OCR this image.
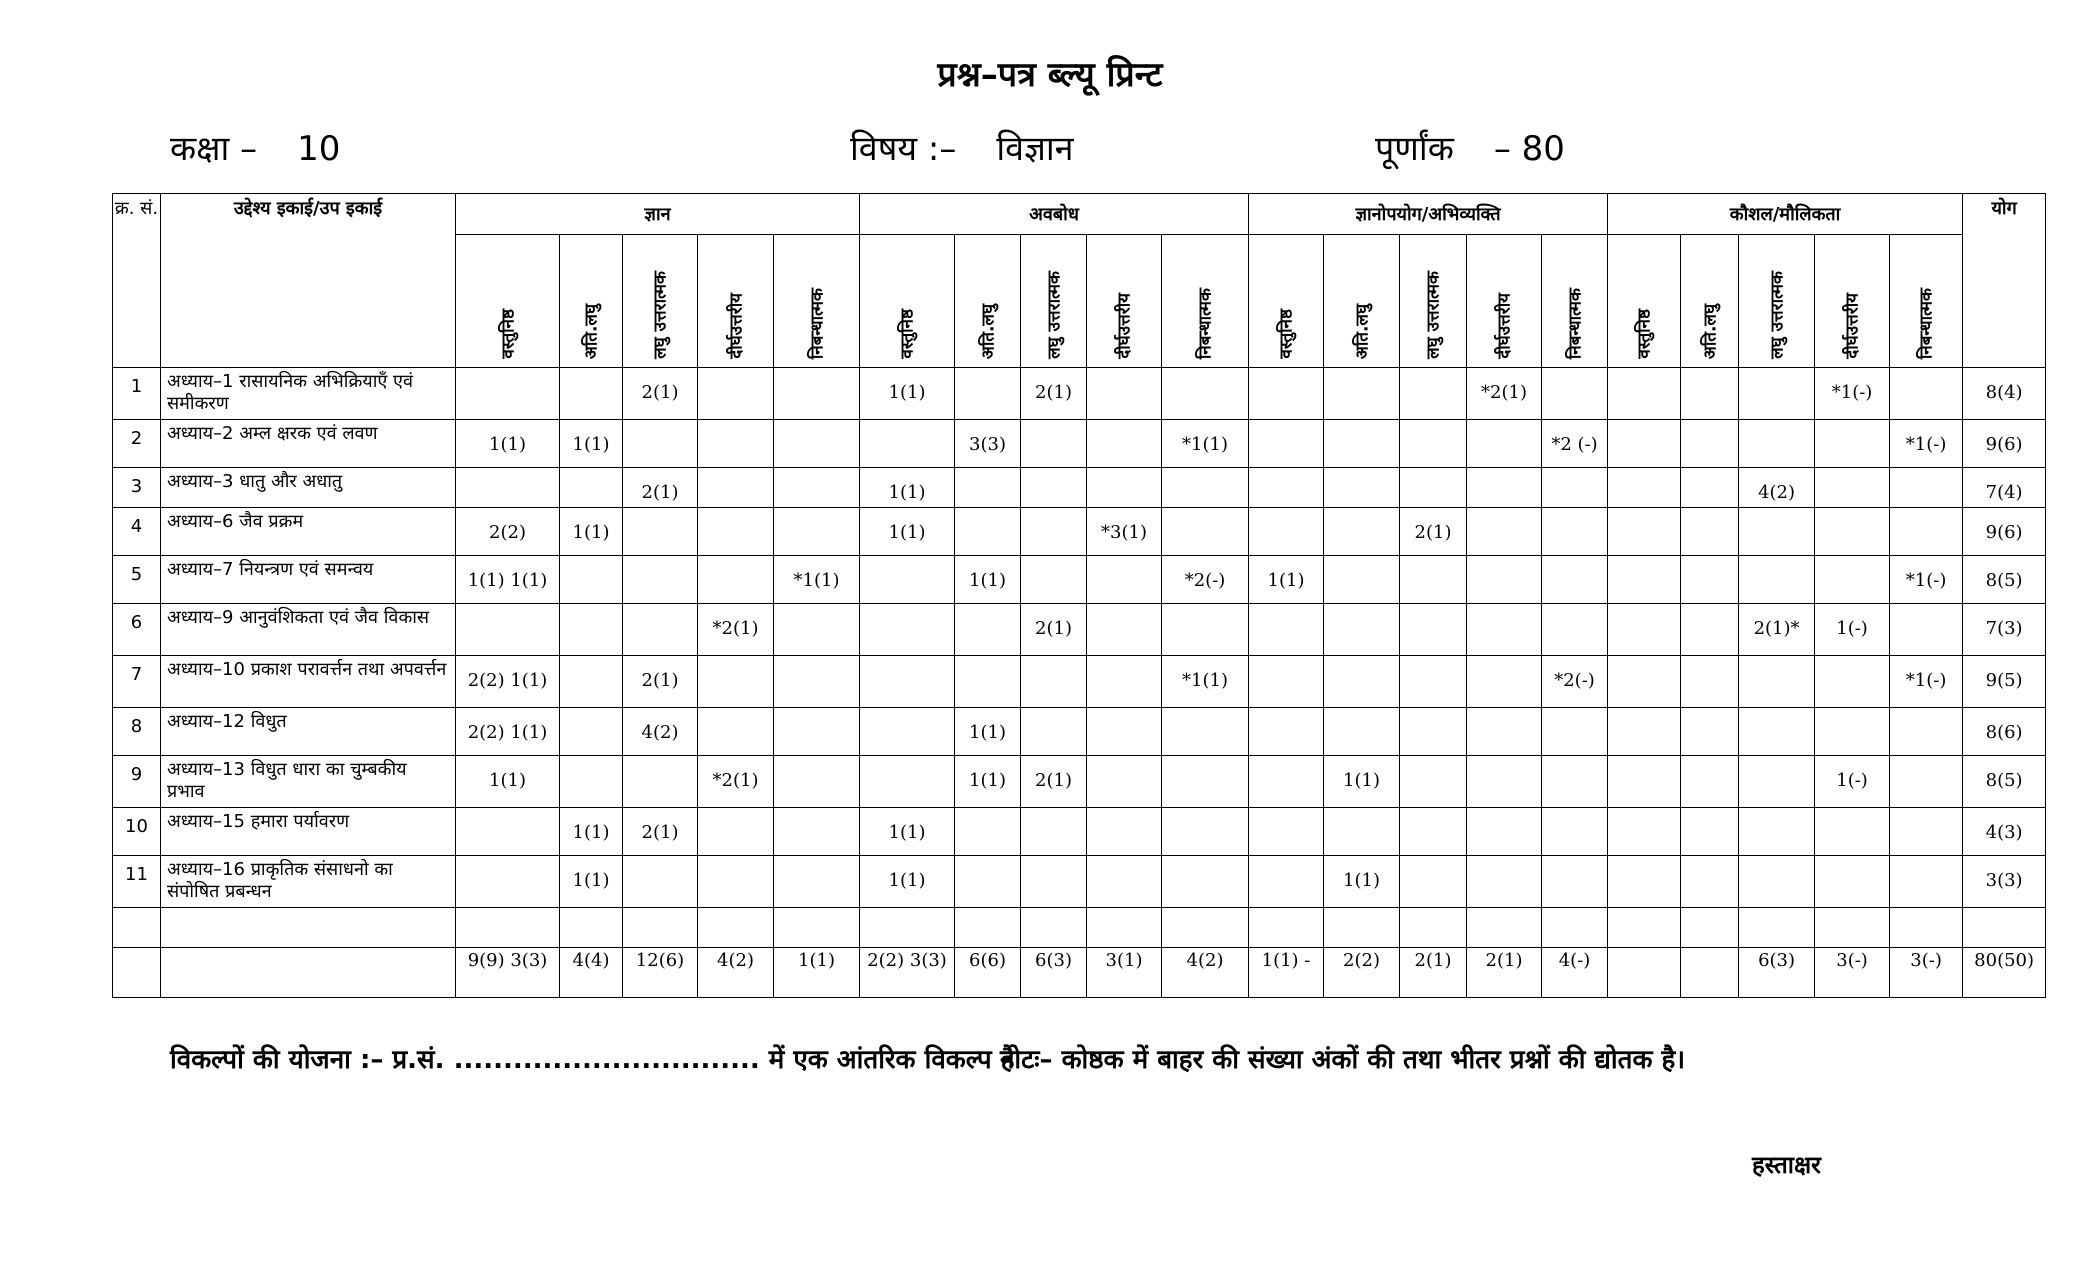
प्रश्न–पत्र ब्ल्यू प्रिन्ट
कक्षा – 10	विषय :– विज्ञान	पूर्णांक – 80
क्र. सं.	उद्देश्य इकाई/उप इकाई	ज्ञान					अवबोध					ज्ञानोपयोग/अभिव्यक्ति					कौशल/मौलिकता					योग

		वस्तुनिष्ठ	अति.लघु	लघु उत्तरात्मक	दीर्घउत्तरीय	निबन्धात्मक	वस्तुनिष्ठ	अति.लघु	लघु उत्तरात्मक	दीर्घउत्तरीय	निबन्धात्मक	वस्तुनिष्ठ	अति.लघु	लघु उत्तरात्मक	दीर्घउत्तरीय	निबन्धात्मक	वस्तुनिष्ठ	अति.लघु	लघु उत्तरात्मक	दीर्घउत्तरीय	निबन्धात्मक	

1	अध्याय–1 रासायनिक अभिक्रियाएँ एवं समीकरण			2(1)			1(1)		2(1)						*2(1)					*1(-)		8(4)
2	अध्याय–2 अम्ल क्षरक एवं लवण	1(1)	1(1)					3(3)			*1(1)					*2 (-)					*1(-)	9(6)
3	अध्याय–3 धातु और अधातु			2(1)			1(1)												4(2)			7(4)
4	अध्याय–6 जैव प्रक्रम	2(2)	1(1)				1(1)			*3(1)				2(1)								9(6)
5	अध्याय–7 नियन्त्रण एवं समन्वय	1(1) 1(1)				*1(1)		1(1)			*2(-)	1(1)									*1(-)	8(5)
6	अध्याय–9 आनुवंशिकता एवं जैव विकास				*2(1)				2(1)										2(1)*	1(-)		7(3)
7	अध्याय–10 प्रकाश परावर्त्तन तथा अपवर्त्तन	2(2) 1(1)		2(1)							*1(1)					*2(-)					*1(-)	9(5)
8	अध्याय–12 विधुत	2(2) 1(1)		4(2)				1(1)														8(6)
9	अध्याय–13 विधुत धारा का चुम्बकीय प्रभाव	1(1)			*2(1)			1(1)	2(1)				1(1)							1(-)		8(5)
10	अध्याय–15 हमारा पर्यावरण		1(1)	2(1)			1(1)															4(3)
11	अध्याय–16 प्राकृतिक संसाधनो का संपोषित प्रबन्धन		1(1)				1(1)						1(1)									3(3)

		9(9) 3(3)	4(4)	12(6)	4(2)	1(1)	2(2) 3(3)	6(6)	6(3)	3(1)	4(2)	1(1) -	2(2)	2(1)	2(1)	4(-)			6(3)	3(-)	3(-)	80(50)
विकल्पों की योजना :– प्र.सं. ............................... में एक आंतरिक विकल्प है
नोटः– कोष्ठक में बाहर की संख्या अंकों की तथा भीतर प्रश्नों की द्योतक है।
हस्ताक्षर
